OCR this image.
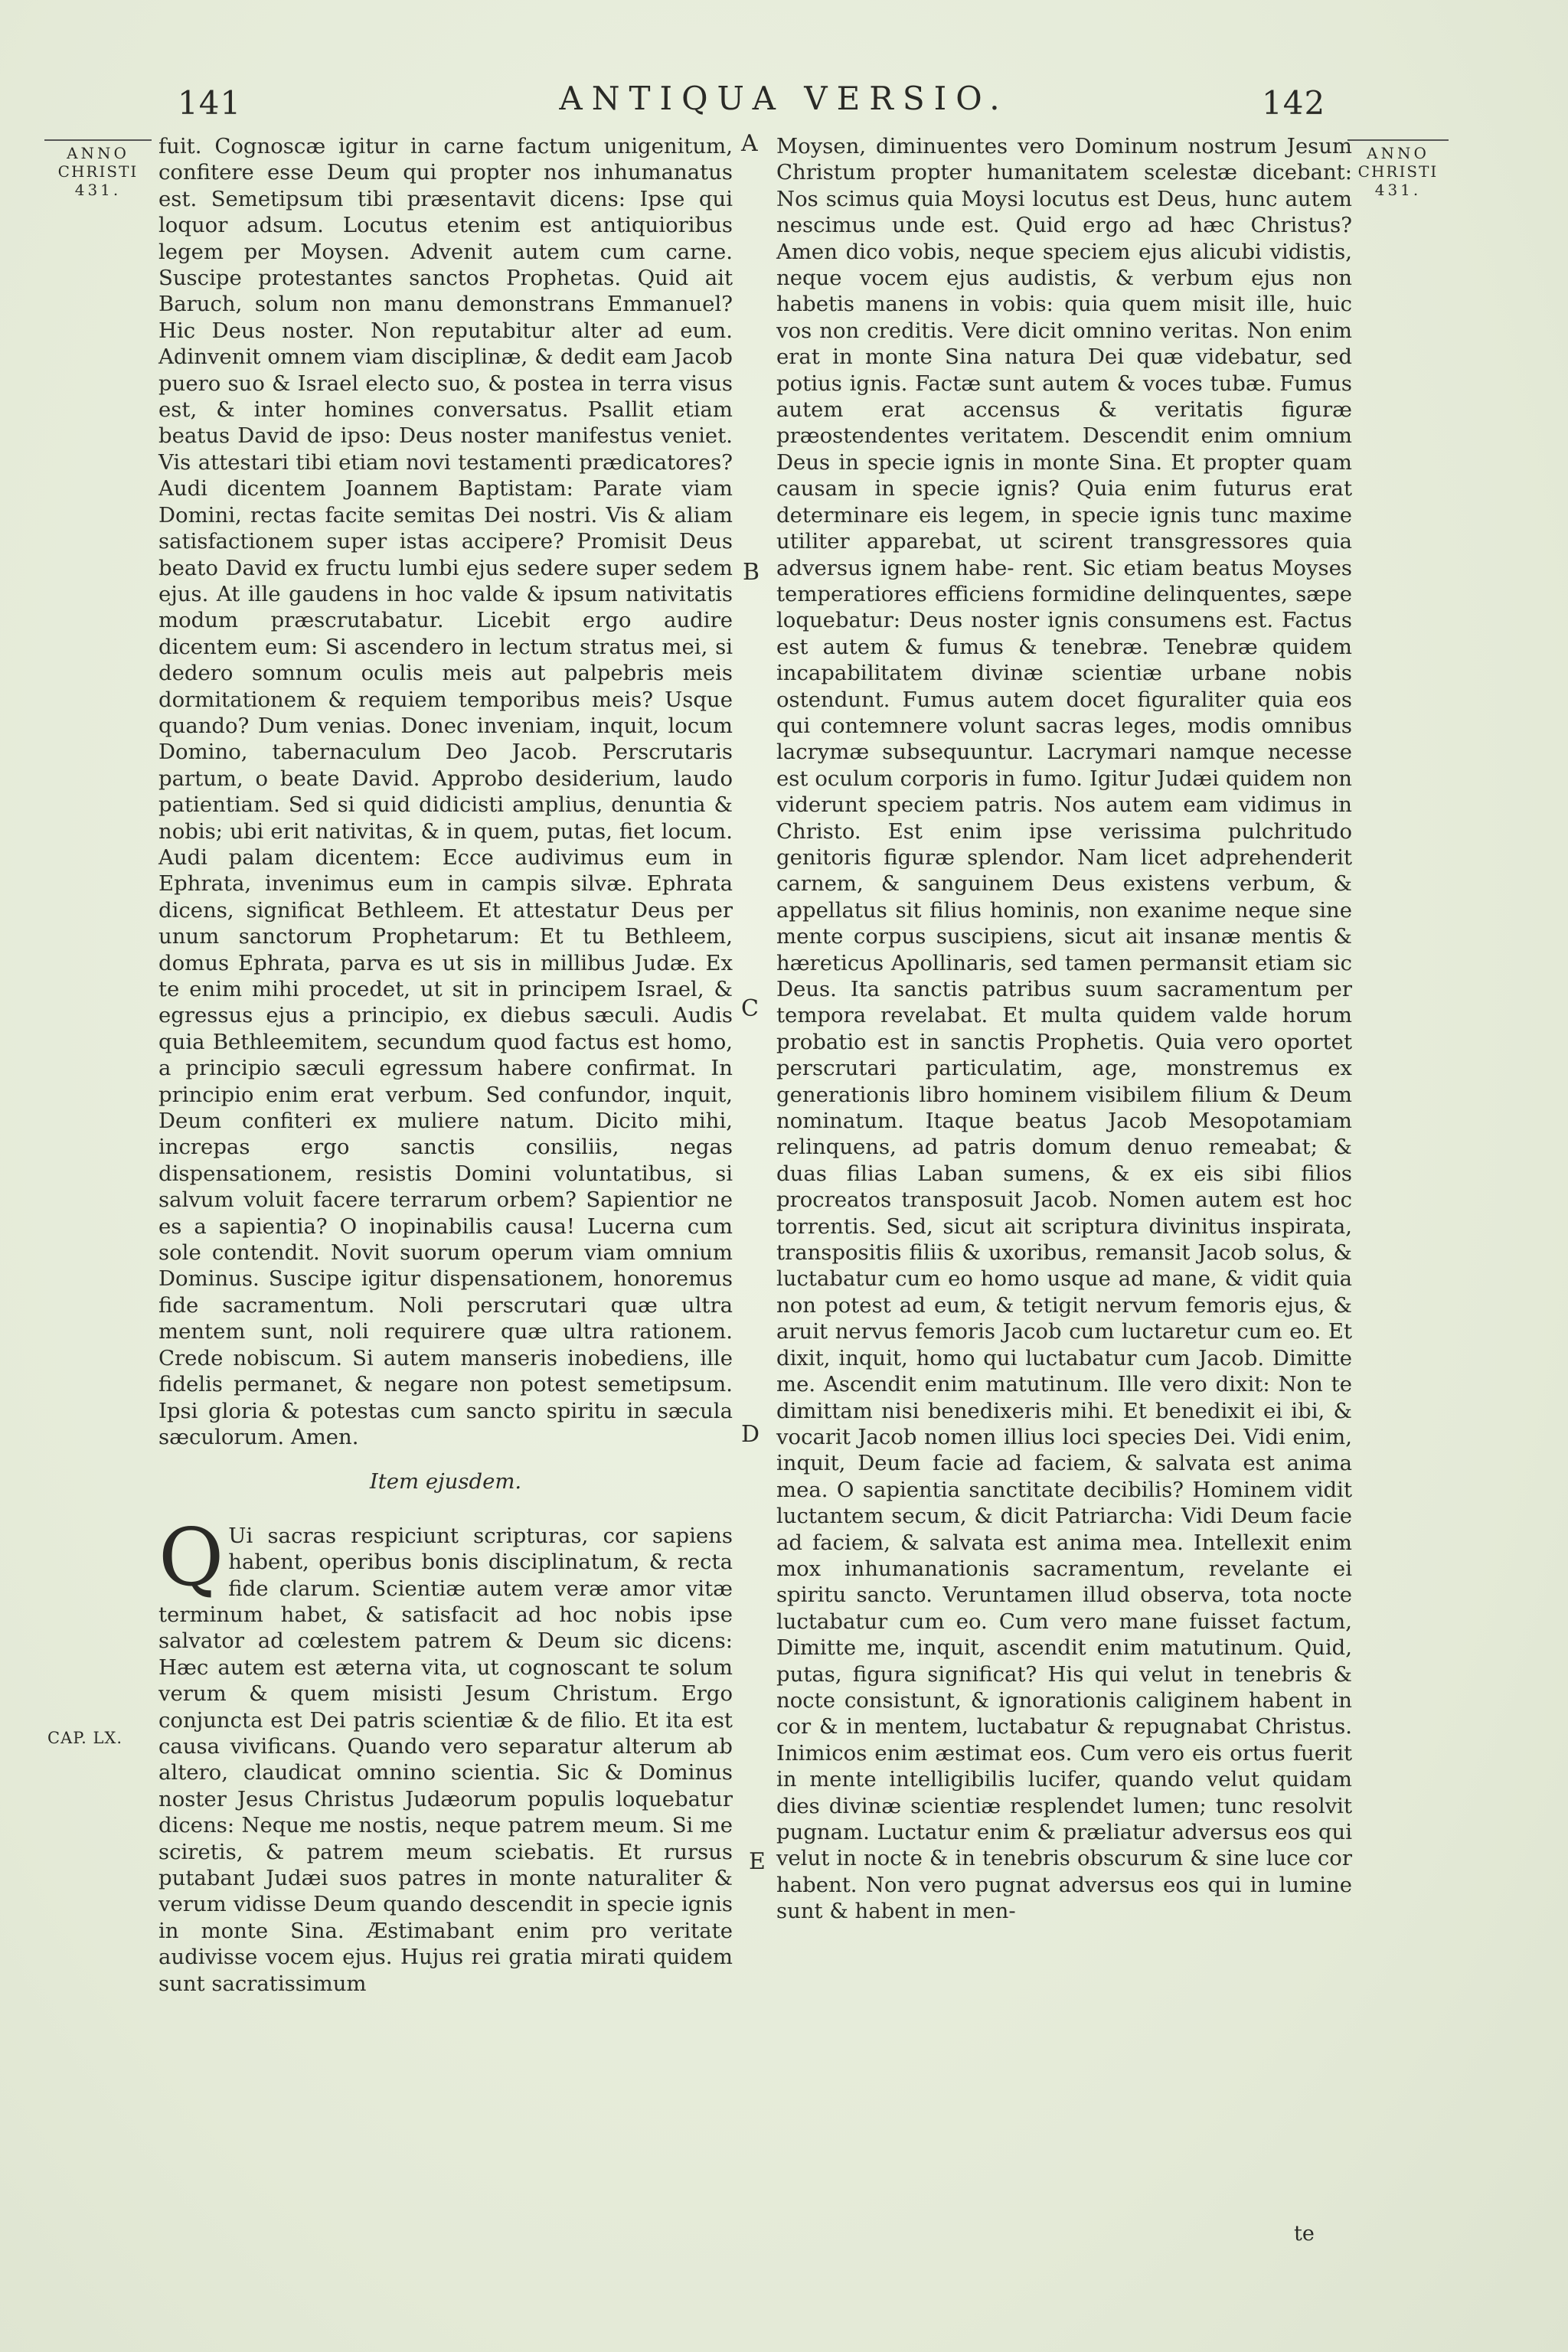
141	ANTIQUA VERSIO.	142
ANNO
CHRISTI
431.
CAP. LX.
ANNO
CHRISTI
431.
A
B
C
D
E

fuit. Cognoscæ igitur in carne factum unigenitum, confitere esse Deum qui propter nos inhumanatus est. Semetipsum tibi præsentavit dicens: Ipse qui loquor adsum. Locutus etenim est antiquioribus legem per Moysen. Advenit autem cum carne. Suscipe protestantes sanctos Prophetas. Quid ait Baruch, solum non manu demonstrans Emmanuel? Hic Deus noster. Non reputabitur alter ad eum. Adinvenit omnem viam disciplinæ, & dedit eam Jacob puero suo & Israel electo suo, & postea in terra visus est, & inter homines conversatus. Psallit etiam beatus David de ipso: Deus noster manifestus veniet. Vis attestari tibi etiam novi testamenti prædicatores? Audi dicentem Joannem Baptistam: Parate viam Domini, rectas facite semitas Dei nostri. Vis & aliam satisfactionem super istas accipere? Promisit Deus beato David ex fructu lumbi ejus sedere super sedem ejus. At ille gaudens in hoc valde & ipsum nativitatis modum præscrutabatur. Licebit ergo audire dicentem eum: Si ascendero in lectum stratus mei, si dedero somnum oculis meis aut palpebris meis dormitationem & requiem temporibus meis? Usque quando? Dum venias. Donec inveniam, inquit, locum Domino, tabernaculum Deo Jacob. Perscrutaris partum, o beate David. Approbo desiderium, laudo patientiam. Sed si quid didicisti amplius, denuntia & nobis; ubi erit nativitas, & in quem, putas, fiet locum. Audi palam dicentem: Ecce audivimus eum in Ephrata, invenimus eum in campis silvæ. Ephrata dicens, significat Bethleem. Et attestatur Deus per unum sanctorum Prophetarum: Et tu Bethleem, domus Ephrata, parva es ut sis in millibus Judæ. Ex te enim mihi procedet, ut sit in principem Israel, & egressus ejus a principio, ex diebus sæculi. Audis quia Bethleemitem, secundum quod factus est homo, a principio sæculi egressum habere confirmat. In principio enim erat verbum. Sed confundor, inquit, Deum confiteri ex muliere natum. Dicito mihi, increpas ergo sanctis consiliis, negas dispensationem, resistis Domini voluntatibus, si salvum voluit facere terrarum orbem? Sapientior ne es a sapientia? O inopinabilis causa! Lucerna cum sole contendit. Novit suorum operum viam omnium Dominus. Suscipe igitur dispensationem, honoremus fide sacramentum. Noli perscrutari quæ ultra mentem sunt, noli requirere quæ ultra rationem. Crede nobiscum. Si autem manseris inobediens, ille fidelis permanet, & negare non potest semetipsum. Ipsi gloria & potestas cum sancto spiritu in sæcula sæculorum. Amen.

Item ejusdem.

Q Ui sacras respiciunt scripturas, cor sapiens habent, operibus bonis disciplinatum, & recta fide clarum. Scientiæ autem veræ amor vitæ terminum habet, & satisfacit ad hoc nobis ipse salvator ad cœlestem patrem & Deum sic dicens: Hæc autem est æterna vita, ut cognoscant te solum verum & quem misisti Jesum Christum. Ergo conjuncta est Dei patris scientiæ & de filio. Et ita est causa vivificans. Quando vero separatur alterum ab altero, claudicat omnino scientia. Sic & Dominus noster Jesus Christus Judæorum populis loquebatur dicens: Neque me nostis, neque patrem meum. Si me sciretis, & patrem meum sciebatis. Et rursus putabant Judæi suos patres in monte naturaliter & verum vidisse Deum quando descendit in specie ignis in monte Sina. Æstimabant enim pro veritate audivisse vocem ejus. Hujus rei gratia mirati quidem sunt sacratissimum

Moysen, diminuentes vero Dominum nostrum Jesum Christum propter humanitatem scelestæ dicebant: Nos scimus quia Moysi locutus est Deus, hunc autem nescimus unde est. Quid ergo ad hæc Christus? Amen dico vobis, neque speciem ejus alicubi vidistis, neque vocem ejus audistis, & verbum ejus non habetis manens in vobis: quia quem misit ille, huic vos non creditis. Vere dicit omnino veritas. Non enim erat in monte Sina natura Dei quæ videbatur, sed potius ignis. Factæ sunt autem & voces tubæ. Fumus autem erat accensus & veritatis figuræ præostendentes veritatem. Descendit enim omnium Deus in specie ignis in monte Sina. Et propter quam causam in specie ignis? Quia enim futurus erat determinare eis legem, in specie ignis tunc maxime utiliter apparebat, ut scirent transgressores quia adversus ignem habe- rent. Sic etiam beatus Moyses temperatiores efficiens formidine delinquentes, sæpe loquebatur: Deus noster ignis consumens est. Factus est autem & fumus & tenebræ. Tenebræ quidem incapabilitatem divinæ scientiæ urbane nobis ostendunt. Fumus autem docet figuraliter quia eos qui contemnere volunt sacras leges, modis omnibus lacrymæ subsequuntur. Lacrymari namque necesse est oculum corporis in fumo. Igitur Judæi quidem non viderunt speciem patris. Nos autem eam vidimus in Christo. Est enim ipse verissima pulchritudo genitoris figuræ splendor. Nam licet adprehenderit carnem, & sanguinem Deus existens verbum, & appellatus sit filius hominis, non exanime neque sine mente corpus suscipiens, sicut ait insanæ mentis & hæreticus Apollinaris, sed tamen permansit etiam sic Deus. Ita sanctis patribus suum sacramentum per tempora revelabat. Et multa quidem valde horum probatio est in sanctis Prophetis. Quia vero oportet perscrutari particulatim, age, monstremus ex generationis libro hominem visibilem filium & Deum nominatum. Itaque beatus Jacob Mesopotamiam relinquens, ad patris domum denuo remeabat; & duas filias Laban sumens, & ex eis sibi filios procreatos transposuit Jacob. Nomen autem est hoc torrentis. Sed, sicut ait scriptura divinitus inspirata, transpositis filiis & uxoribus, remansit Jacob solus, & luctabatur cum eo homo usque ad mane, & vidit quia non potest ad eum, & tetigit nervum femoris ejus, & aruit nervus femoris Jacob cum luctaretur cum eo. Et dixit, inquit, homo qui luctabatur cum Jacob. Dimitte me. Ascendit enim matutinum. Ille vero dixit: Non te dimittam nisi benedixeris mihi. Et benedixit ei ibi, & vocarit Jacob nomen illius loci species Dei. Vidi enim, inquit, Deum facie ad faciem, & salvata est anima mea. O sapientia sanctitate decibilis? Hominem vidit luctantem secum, & dicit Patriarcha: Vidi Deum facie ad faciem, & salvata est anima mea. Intellexit enim mox inhumanationis sacramentum, revelante ei spiritu sancto. Veruntamen illud observa, tota nocte luctabatur cum eo. Cum vero mane fuisset factum, Dimitte me, inquit, ascendit enim matutinum. Quid, putas, figura significat? His qui velut in tenebris & nocte consistunt, & ignorationis caliginem habent in cor & in mentem, luctabatur & repugnabat Christus. Inimicos enim æstimat eos. Cum vero eis ortus fuerit in mente intelligibilis lucifer, quando velut quidam dies divinæ scientiæ resplendet lumen; tunc resolvit pugnam. Luctatur enim & præliatur adversus eos qui velut in nocte & in tenebris obscurum & sine luce cor habent. Non vero pugnat adversus eos qui in lumine sunt & habent in men-

te
